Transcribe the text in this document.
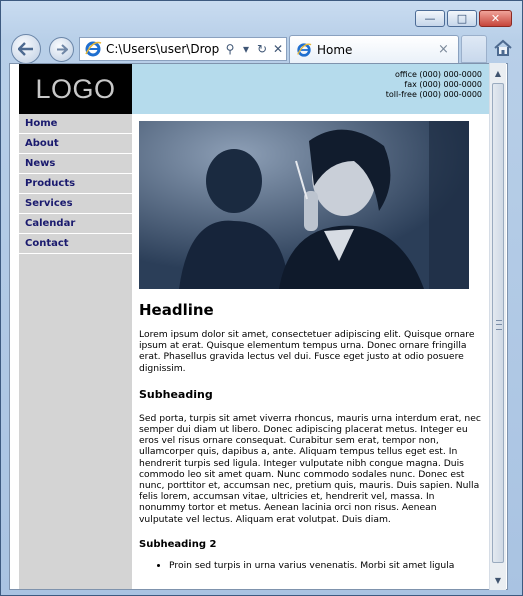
— □ ✕
C:\Users\user\Drop ⚲ ▾ ↻ ✕	Home	×
LOGO	office (000) 000-0000
fax (000) 000-0000
toll-free (000) 000-0000
Home
About
News
Products
Services
Calendar
Contact
Headline

Lorem ipsum dolor sit amet, consectetuer adipiscing elit. Quisque ornare ipsum at erat. Quisque elementum tempus urna. Donec ornare fringilla erat. Phasellus gravida lectus vel dui. Fusce eget justo at odio posuere dignissim.

Subheading

Sed porta, turpis sit amet viverra rhoncus, mauris urna interdum erat, nec semper dui diam ut libero. Donec adipiscing placerat metus. Integer eu eros vel risus ornare consequat. Curabitur sem erat, tempor non, ullamcorper quis, dapibus a, ante. Aliquam tempus tellus eget est. In hendrerit turpis sed ligula. Integer vulputate nibh congue magna. Duis commodo leo sit amet quam. Nunc commodo sodales nunc. Donec est nunc, porttitor et, accumsan nec, pretium quis, mauris. Duis sapien. Nulla felis lorem, accumsan vitae, ultricies et, hendrerit vel, massa. In nonummy tortor et metus. Aenean lacinia orci non risus. Aenean vulputate vel lectus. Aliquam erat volutpat. Duis diam.

Subheading 2
• Proin sed turpis in urna varius venenatis. Morbi sit amet ligula
▲
▼
